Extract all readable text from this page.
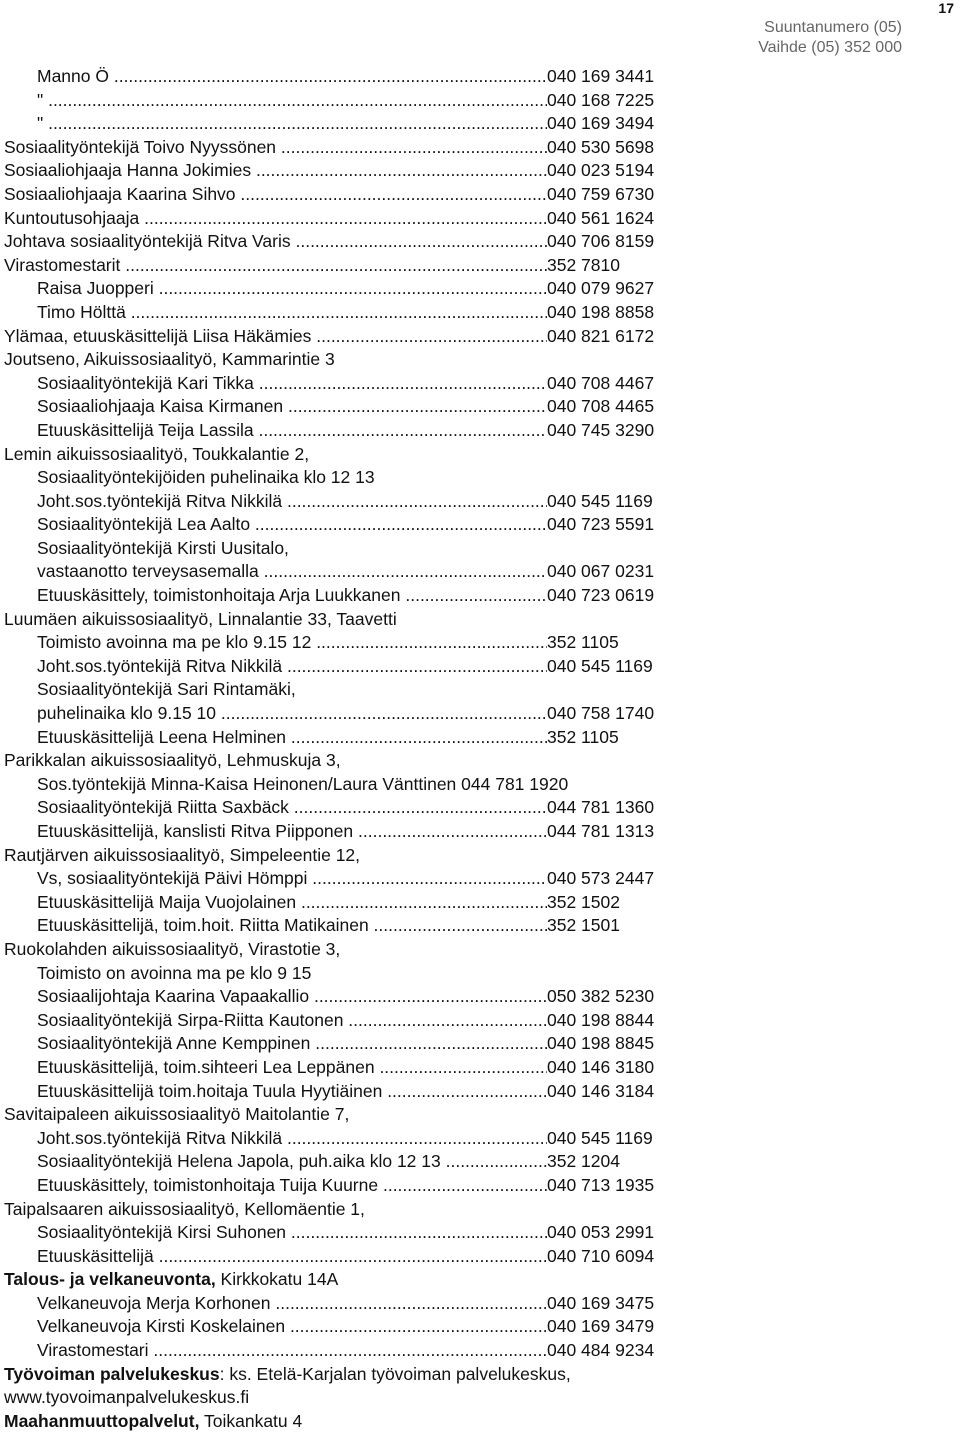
17
Suuntanumero (05)
Vaihde (05) 352 000
Manno Ö .....	040 169 3441
" .....	040 168 7225
" .....	040 169 3494
Sosiaalityöntekijä Toivo Nyyssönen .....	040 530 5698
Sosiaaliohjaaja Hanna Jokimies .....	040 023 5194
Sosiaaliohjaaja Kaarina Sihvo .....	040 759 6730
Kuntoutusohjaaja .....	040 561 1624
Johtava sosiaalityöntekijä Ritva Varis .....	040 706 8159
Virastomestarit .....	352 7810
Raisa Juopperi .....	040 079 9627
Timo Hölttä .....	040 198 8858
Ylämaa, etuuskäsittelijä Liisa Häkämies .....	040 821 6172
Joutseno, Aikuissosiaalityö, Kammarintie 3
Sosiaalityöntekijä Kari Tikka .....	040 708 4467
Sosiaaliohjaaja Kaisa Kirmanen .....	040 708 4465
Etuuskäsittelijä Teija Lassila .....	040 745 3290
Lemin aikuissosiaalityö, Toukkalantie 2,
Sosiaalityöntekijöiden puhelinaika klo 12 13
Joht.sos.työntekijä Ritva Nikkilä .....	040 545 1169
Sosiaalityöntekijä Lea Aalto .....	040 723 5591
Sosiaalityöntekijä Kirsti Uusitalo,
vastaanotto terveysasemalla .....	040 067 0231
Etuuskäsittely, toimistonhoitaja Arja Luukkanen .....	040 723 0619
Luumäen aikuissosiaalityö, Linnalantie 33, Taavetti
Toimisto avoinna ma pe klo 9.15 12 .....	352 1105
Joht.sos.työntekijä Ritva Nikkilä .....	040 545 1169
Sosiaalityöntekijä Sari Rintamäki,
puhelinaika klo 9.15 10 .....	040 758 1740
Etuuskäsittelijä Leena Helminen .....	352 1105
Parikkalan aikuissosiaalityö, Lehmuskuja 3,
Sos.työntekijä Minna-Kaisa Heinonen/Laura Vänttinen 044 781 1920
Sosiaalityöntekijä Riitta Saxbäck .....	044 781 1360
Etuuskäsittelijä, kanslisti Ritva Piipponen .....	044 781 1313
Rautjärven aikuissosiaalityö, Simpeleentie 12,
Vs, sosiaalityöntekijä Päivi Hömppi .....	040 573 2447
Etuuskäsittelijä Maija Vuojolainen .....	352 1502
Etuuskäsittelijä, toim.hoit. Riitta Matikainen .....	352 1501
Ruokolahden aikuissosiaalityö, Virastotie 3,
Toimisto on avoinna ma pe klo 9 15
Sosiaalijohtaja Kaarina Vapaakallio .....	050 382 5230
Sosiaalityöntekijä Sirpa-Riitta Kautonen .....	040 198 8844
Sosiaalityöntekijä Anne Kemppinen .....	040 198 8845
Etuuskäsittelijä, toim.sihteeri Lea Leppänen .....	040 146 3180
Etuuskäsittelijä toim.hoitaja Tuula Hyytiäinen .....	040 146 3184
Savitaipaleen aikuissosiaalityö Maitolantie 7,
Joht.sos.työntekijä Ritva Nikkilä .....	040 545 1169
Sosiaalityöntekijä Helena Japola, puh.aika klo 12 13 .....	352 1204
Etuuskäsittely, toimistonhoitaja Tuija Kuurne .....	040 713 1935
Taipalsaaren aikuissosiaalityö, Kellomäentie 1,
Sosiaalityöntekijä Kirsi Suhonen .....	040 053 2991
Etuuskäsittelijä .....	040 710 6094
Talous- ja velkaneuvonta, Kirkkokatu 14A
Velkaneuvoja Merja Korhonen .....	040 169 3475
Velkaneuvoja Kirsti Koskelainen .....	040 169 3479
Virastomestari .....	040 484 9234
Työvoiman palvelukeskus: ks. Etelä-Karjalan työvoiman palvelukeskus,
www.tyovoimanpalvelukeskus.fi
Maahanmuuttopalvelut, Toikankatu 4
